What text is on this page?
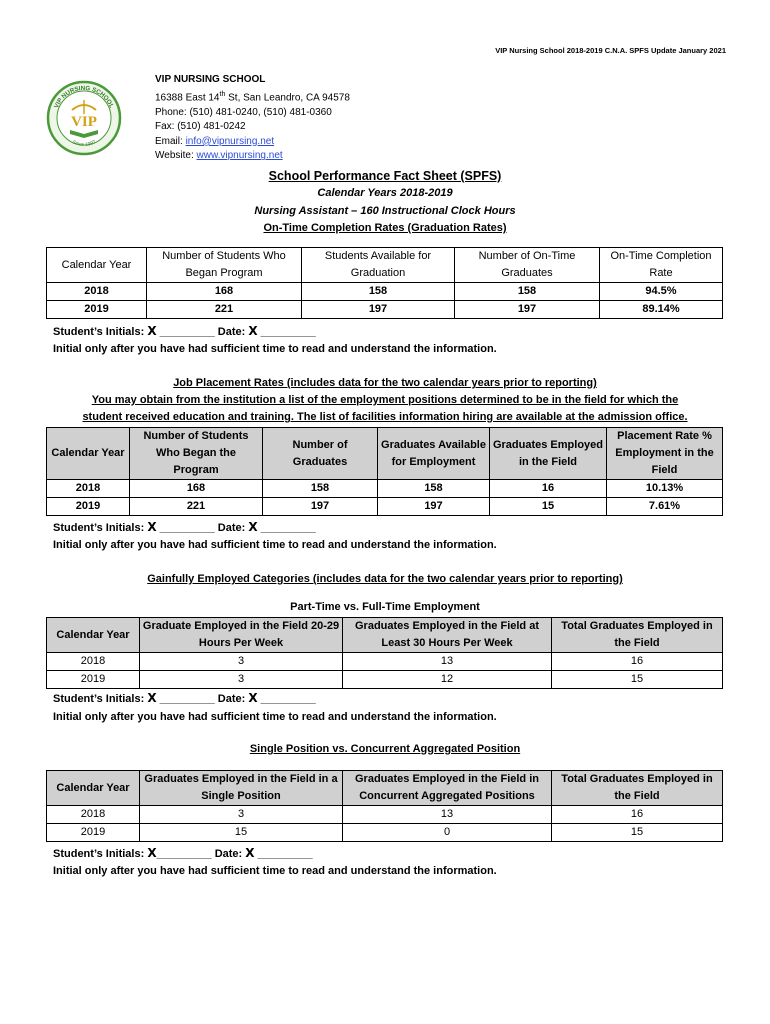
VIP Nursing School 2018-2019 C.N.A. SPFS Update January 2021
VIP NURSING SCHOOL
Since 1997
VIP
VIP NURSING SCHOOL
16388 East 14th St, San Leandro, CA 94578
Phone: (510) 481-0240, (510) 481-0360
Fax: (510) 481-0242
Email: info@vipnursing.net
Website: www.vipnursing.net
School Performance Fact Sheet (SPFS)
Calendar Years 2018-2019
Nursing Assistant – 160 Instructional Clock Hours
On-Time Completion Rates (Graduation Rates)
Calendar Year	Number of Students Who Began Program	Students Available for Graduation	Number of On-Time Graduates	On-Time Completion Rate
2018	168	158	158	94.5%
2019	221	197	197	89.14%
Student’s Initials: X _________ Date: X _________
Initial only after you have had sufficient time to read and understand the information.
Job Placement Rates (includes data for the two calendar years prior to reporting)
You may obtain from the institution a list of the employment positions determined to be in the field for which the
student received education and training. The list of facilities information hiring are available at the admission office.
Calendar Year	Number of Students Who Began the Program	Number of Graduates	Graduates Available for Employment	Graduates Employed in the Field	Placement Rate % Employment in the Field
2018	168	158	158	16	10.13%
2019	221	197	197	15	7.61%
Student’s Initials: X _________ Date: X _________
Initial only after you have had sufficient time to read and understand the information.
Gainfully Employed Categories (includes data for the two calendar years prior to reporting)
Part-Time vs. Full-Time Employment
Calendar Year	Graduate Employed in the Field 20-29 Hours Per Week	Graduates Employed in the Field at Least 30 Hours Per Week	Total Graduates Employed in the Field
2018	3	13	16
2019	3	12	15
Student’s Initials: X _________ Date: X _________
Initial only after you have had sufficient time to read and understand the information.
Single Position vs. Concurrent Aggregated Position
Calendar Year	Graduates Employed in the Field in a Single Position	Graduates Employed in the Field in Concurrent Aggregated Positions	Total Graduates Employed in the Field
2018	3	13	16
2019	15	0	15
Student’s Initials: X_________ Date: X _________
Initial only after you have had sufficient time to read and understand the information.
